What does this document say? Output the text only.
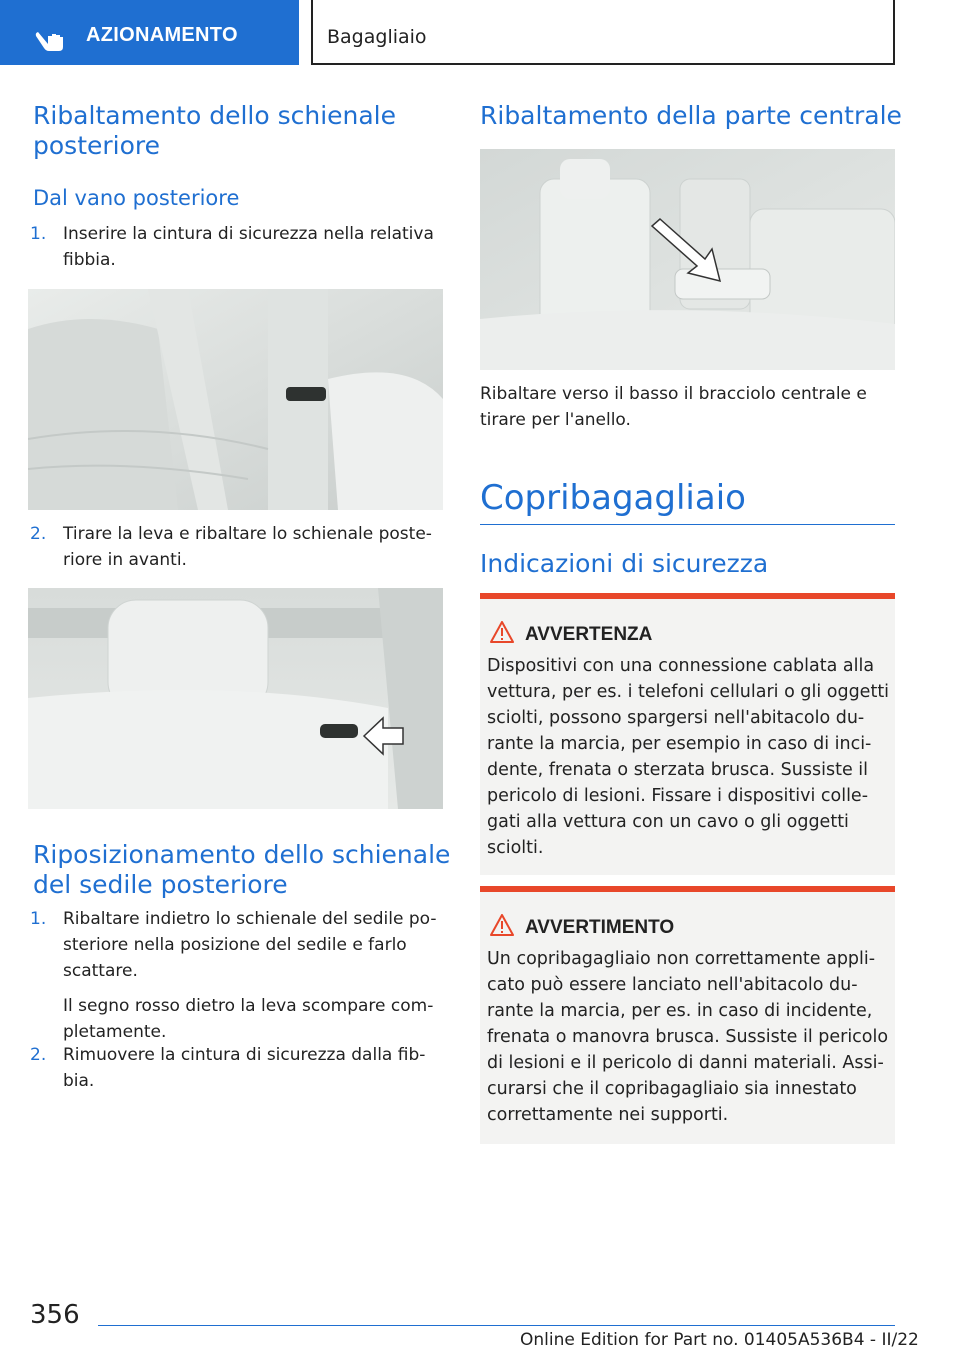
AZIONAMENTO	Bagagliaio
Ribaltamento dello schienale
posteriore
Dal vano posteriore
1. Inserire la cintura di sicurezza nella relativa
fibbia.
2. Tirare la leva e ribaltare lo schienale poste-
riore in avanti.
Riposizionamento dello schienale
del sedile posteriore
1. Ribaltare indietro lo schienale del sedile po-
steriore nella posizione del sedile e farlo
scattare.
Il segno rosso dietro la leva scompare com-
pletamente.
2. Rimuovere la cintura di sicurezza dalla fib-
bia.
Ribaltamento della parte centrale
Ribaltare verso il basso il bracciolo centrale e
tirare per l'anello.
Copribagagliaio
Indicazioni di sicurezza
AVVERTENZA
Dispositivi con una connessione cablata alla
vettura, per es. i telefoni cellulari o gli oggetti
sciolti, possono spargersi nell'abitacolo du-
rante la marcia, per esempio in caso di inci-
dente, frenata o sterzata brusca. Sussiste il
pericolo di lesioni. Fissare i dispositivi colle-
gati alla vettura con un cavo o gli oggetti
sciolti.
AVVERTIMENTO
Un copribagagliaio non correttamente appli-
cato può essere lanciato nell'abitacolo du-
rante la marcia, per es. in caso di incidente,
frenata o manovra brusca. Sussiste il pericolo
di lesioni e il pericolo di danni materiali. Assi-
curarsi che il copribagagliaio sia innestato
correttamente nei supporti.
356
Online Edition for Part no. 01405A536B4 - II/22
